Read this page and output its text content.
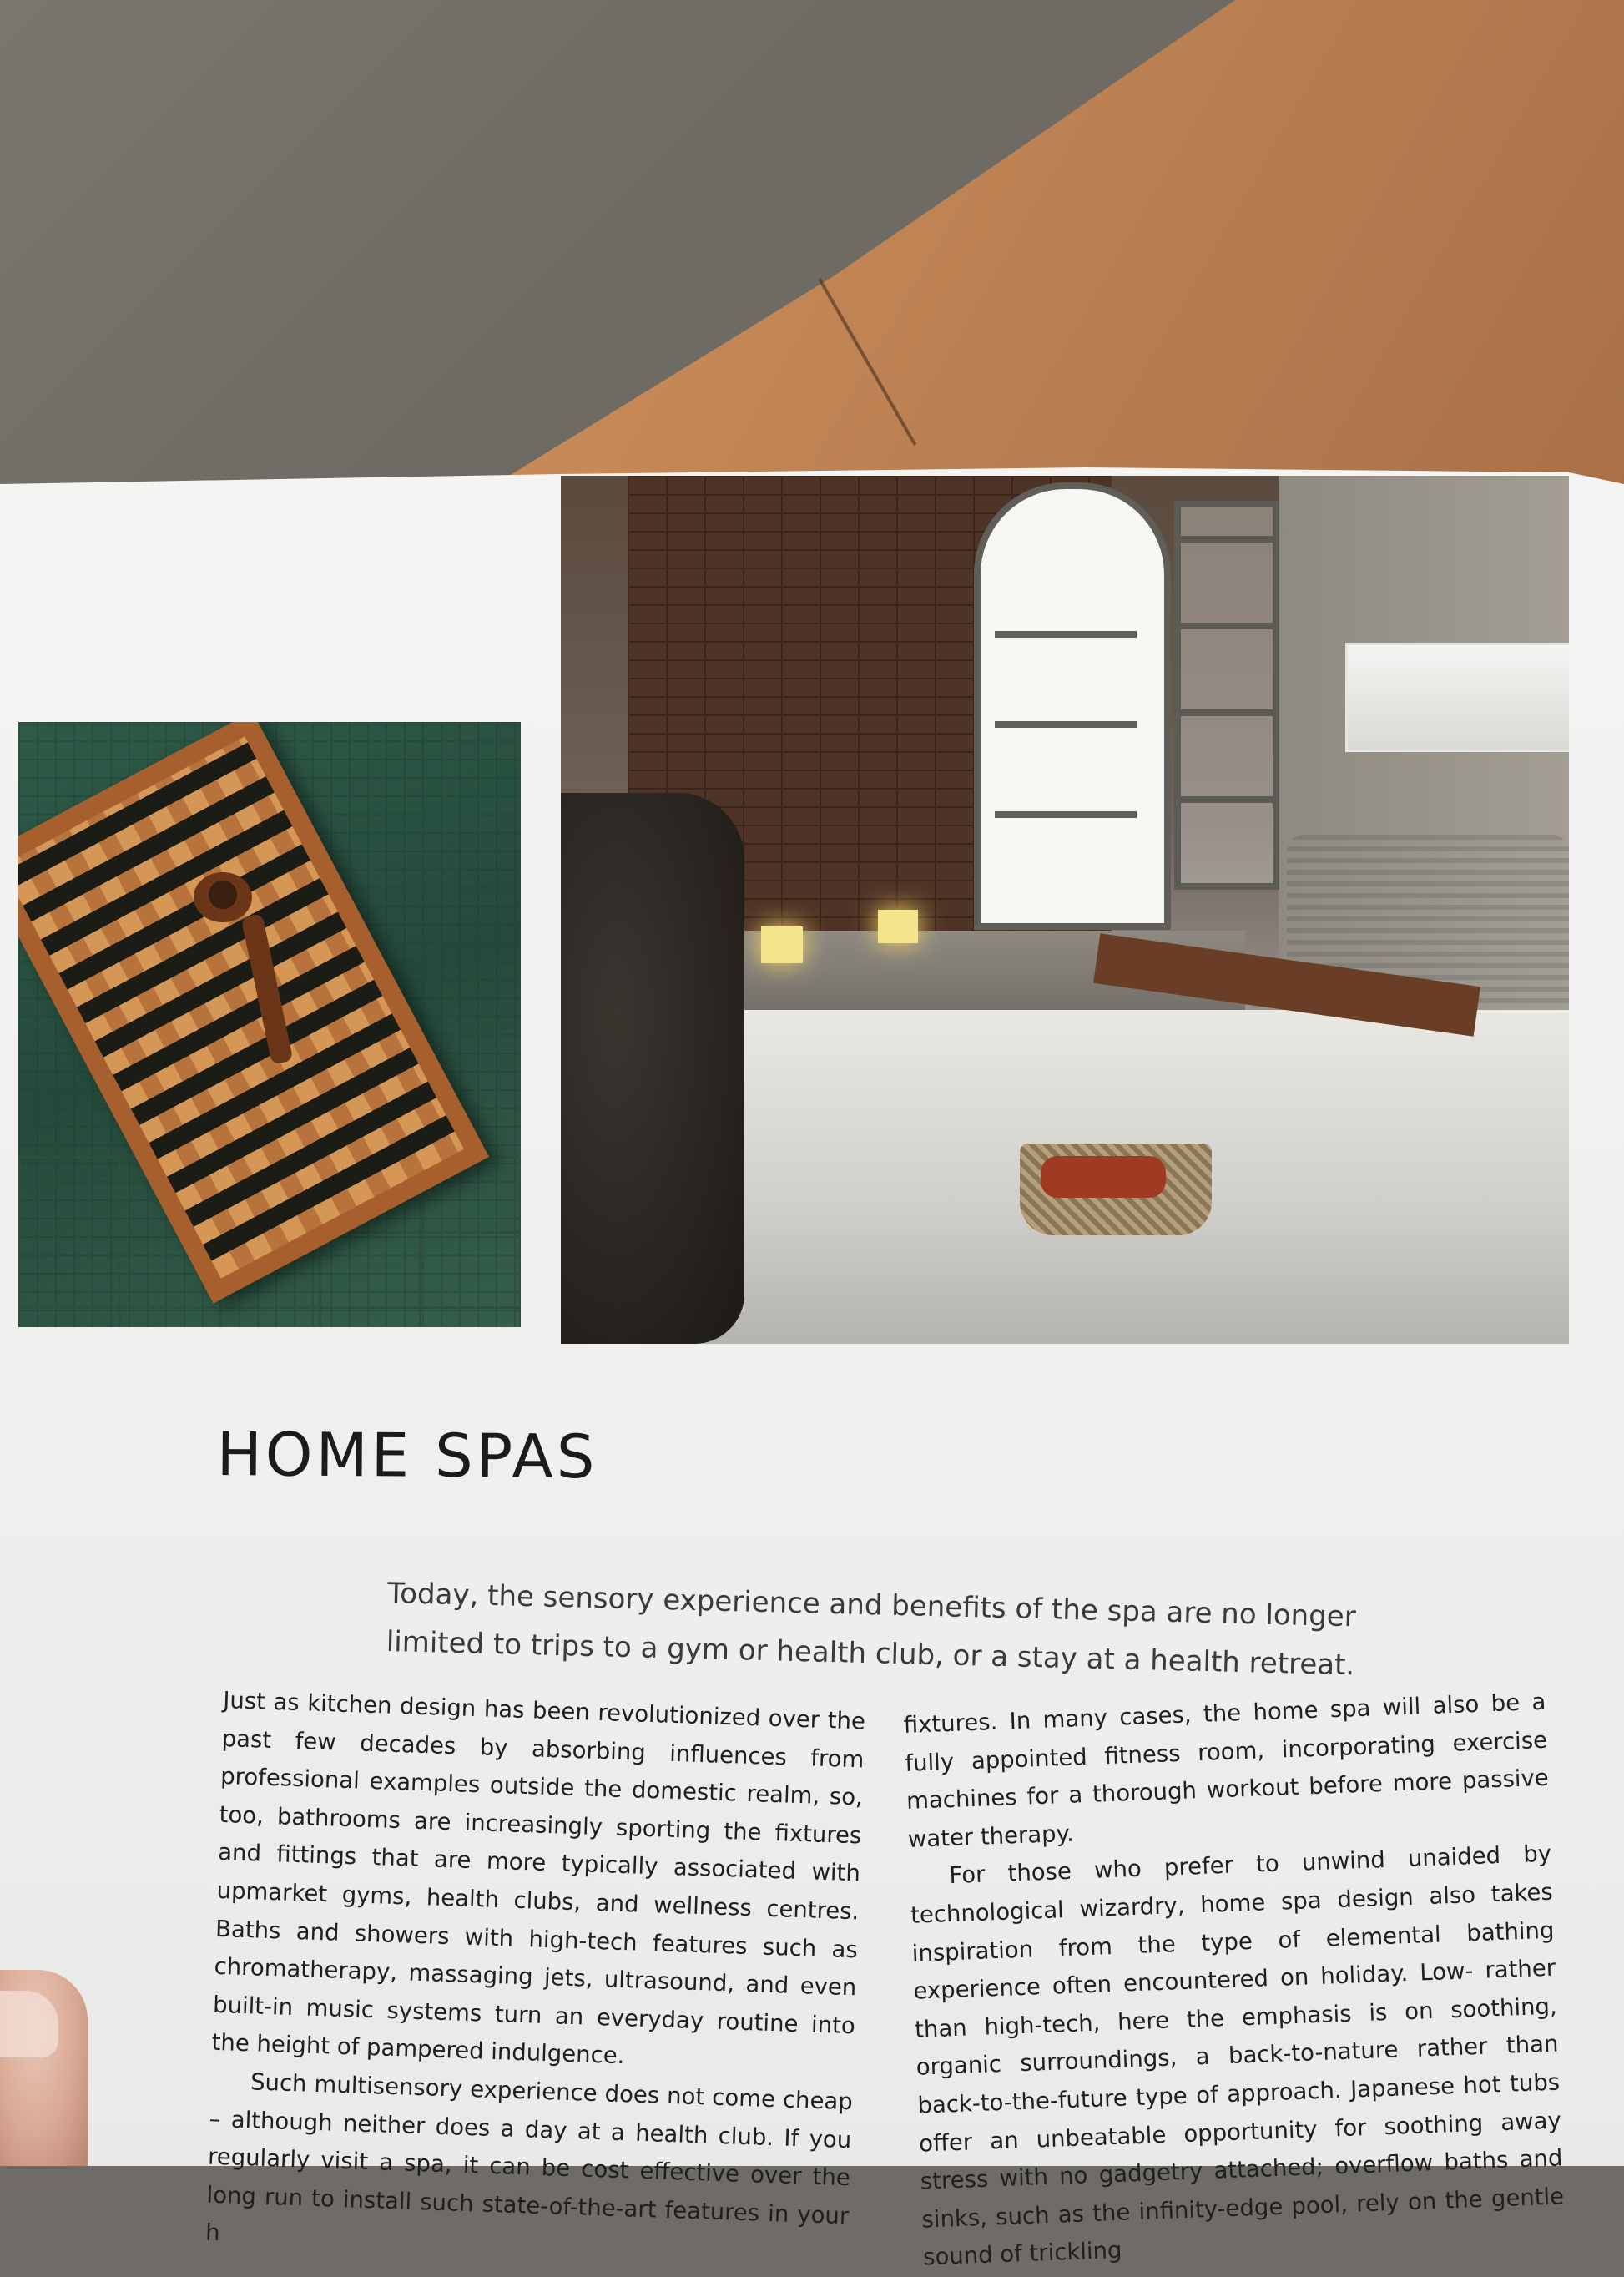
HOME SPAS

Today, the sensory experience and benefits of the spa are no longer limited to trips to a gym or health club, or a stay at a health retreat.

Just as kitchen design has been revolutionized over the past few decades by absorbing influences from professional examples outside the domestic realm, so, too, bathrooms are increasingly sporting the fixtures and fittings that are more typically associated with upmarket gyms, health clubs, and wellness centres. Baths and showers with high-tech features such as chromatherapy, massaging jets, ultrasound, and even built-in music systems turn an everyday routine into the height of pampered indulgence.

Such multisensory experience does not come cheap – although neither does a day at a health club. If you regularly visit a spa, it can be cost effective over the long run to install such state-of-the-art features in your h

fixtures. In many cases, the home spa will also be a fully appointed fitness room, incorporating exercise machines for a thorough workout before more passive water therapy.

For those who prefer to unwind unaided by technological wizardry, home spa design also takes inspiration from the type of elemental bathing experience often encountered on holiday. Low- rather than high-tech, here the emphasis is on soothing, organic surroundings, a back-to-nature rather than back-to-the-future type of approach. Japanese hot tubs offer an unbeatable opportunity for soothing away stress with no gadgetry attached; overflow baths and sinks, such as the infinity-edge pool, rely on the gentle sound of trickling
